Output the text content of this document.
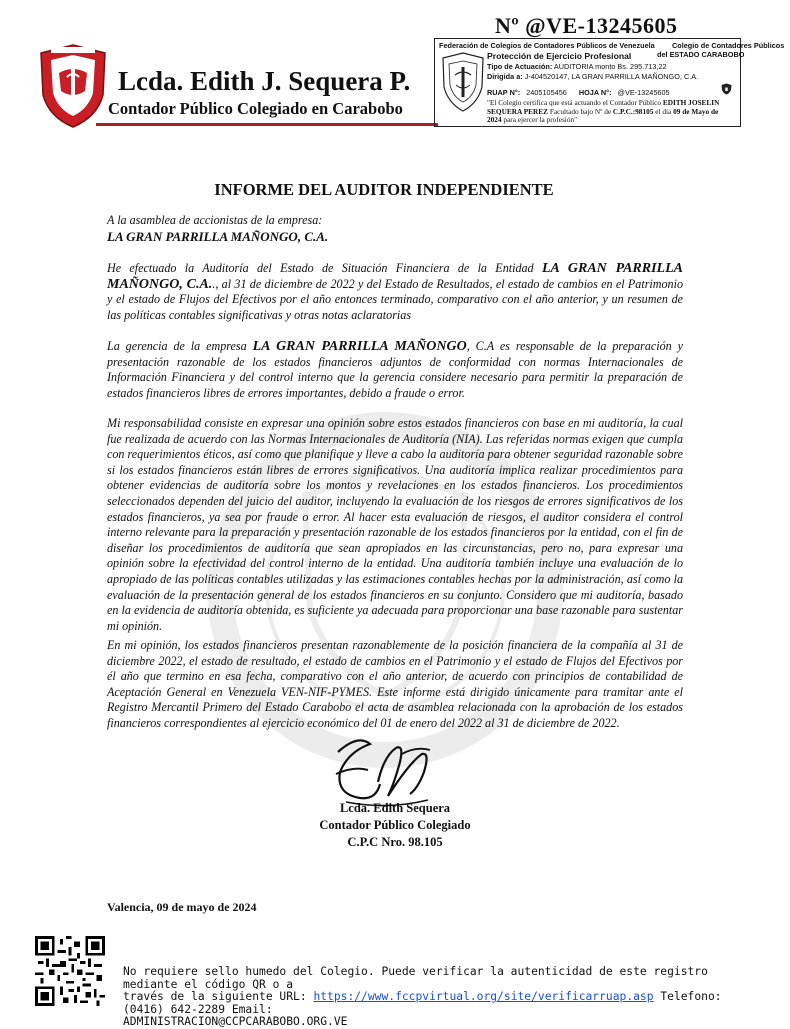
Nº @VE-13245605
Lcda. Edith J. Sequera P.
Contador Público Colegiado en Carabobo
Federación de Colegios de Contadores Públicos de Venezuela Colegio de Contadores Públicos
Protección de Ejercicio Profesional	del ESTADO CARABOBO
Tipo de Actuación: AUDITORIA monto Bs. 295.713,22
Dirigida a: J-404520147, LA GRAN PARRILLA MAÑONGO, C.A.
RUAP N°: 2405105456 HOJA N°: @VE-13245605
"El Colegio certifica que está actuando el Contador Público EDITH JOSELIN
SEQUERA PEREZ Facultado bajo Nº de C.P.C.:98105 el día 09 de Mayo de
2024 para ejercer la profesión"
INFORME DEL AUDITOR INDEPENDIENTE
A la asamblea de accionistas de la empresa:
LA GRAN PARRILLA MAÑONGO, C.A.
He efectuado la Auditoría del Estado de Situación Financiera de la Entidad LA GRAN PARRILLA MAÑONGO, C.A.., al 31 de diciembre de 2022 y del Estado de Resultados, el estado de cambios en el Patrimonio y el estado de Flujos del Efectivos por el año entonces terminado, comparativo con el año anterior, y un resumen de las políticas contables significativas y otras notas aclaratorias
La gerencia de la empresa LA GRAN PARRILLA MAÑONGO, C.A es responsable de la preparación y presentación razonable de los estados financieros adjuntos de conformidad con normas Internacionales de Información Financiera y del control interno que la gerencia considere necesario para permitir la preparación de estados financieros libres de errores importantes, debido a fraude o error.
Mi responsabilidad consiste en expresar una opinión sobre estos estados financieros con base en mi auditoría, la cual fue realizada de acuerdo con las Normas Internacionales de Auditoría (NIA). Las referidas normas exigen que cumpla con requerimientos éticos, así como que planifique y lleve a cabo la auditoría para obtener seguridad razonable sobre si los estados financieros están libres de errores significativos. Una auditoría implica realizar procedimientos para obtener evidencias de auditoría sobre los montos y revelaciones en los estados financieros. Los procedimientos seleccionados dependen del juicio del auditor, incluyendo la evaluación de los riesgos de errores significativos de los estados financieros, ya sea por fraude o error. Al hacer esta evaluación de riesgos, el auditor considera el control interno relevante para la preparación y presentación razonable de los estados financieros por la entidad, con el fin de diseñar los procedimientos de auditoría que sean apropiados en las circunstancias, pero no, para expresar una opinión sobre la efectividad del control interno de la entidad. Una auditoría también incluye una evaluación de lo apropiado de las políticas contables utilizadas y las estimaciones contables hechas por la administración, así como la evaluación de la presentación general de los estados financieros en su conjunto. Considero que mi auditoría, basado en la evidencia de auditoría obtenida, es suficiente ya adecuada para proporcionar una base razonable para sustentar mi opinión.
En mi opinión, los estados financieros presentan razonablemente de la posición financiera de la compañía al 31 de diciembre 2022, el estado de resultado, el estado de cambios en el Patrimonio y el estado de Flujos del Efectivos por él año que termino en esa fecha, comparativo con el año anterior, de acuerdo con principios de contabilidad de Aceptación General en Venezuela VEN-NIF-PYMES. Este informe está dirigido únicamente para tramitar ante el Registro Mercantil Primero del Estado Carabobo el acta de asamblea relacionada con la aprobación de los estados financieros correspondientes al ejercicio económico del 01 de enero del 2022 al 31 de diciembre de 2022.
Lcda. Edith Sequera
Contador Público Colegiado
C.P.C Nro. 98.105
Valencia, 09 de mayo de 2024
No requiere sello humedo del Colegio. Puede verificar la autenticidad de este registro mediante el código QR o a
través de la siguiente URL: https://www.fccpvirtual.org/site/verificarruap.asp Telefono: (0416) 642-2289 Email:
ADMINISTRACION@CCPCARABOBO.ORG.VE
